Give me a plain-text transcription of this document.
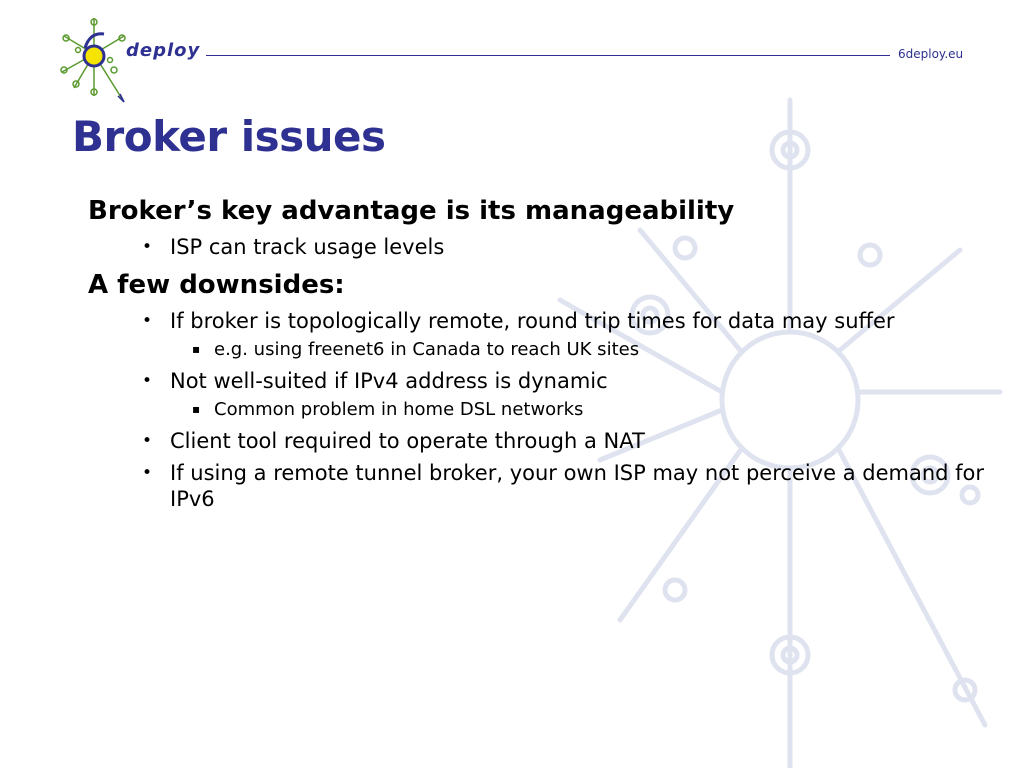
deploy	6deploy.eu
Broker issues

Broker’s key advantage is its manageability

• ISP can track usage levels

A few downsides:

• If broker is topologically remote, round trip times for data may suffer
▪ e.g. using freenet6 in Canada to reach UK sites
• Not well-suited if IPv4 address is dynamic
▪ Common problem in home DSL networks
• Client tool required to operate through a NAT
• If using a remote tunnel broker, your own ISP may not perceive a demand for IPv6
